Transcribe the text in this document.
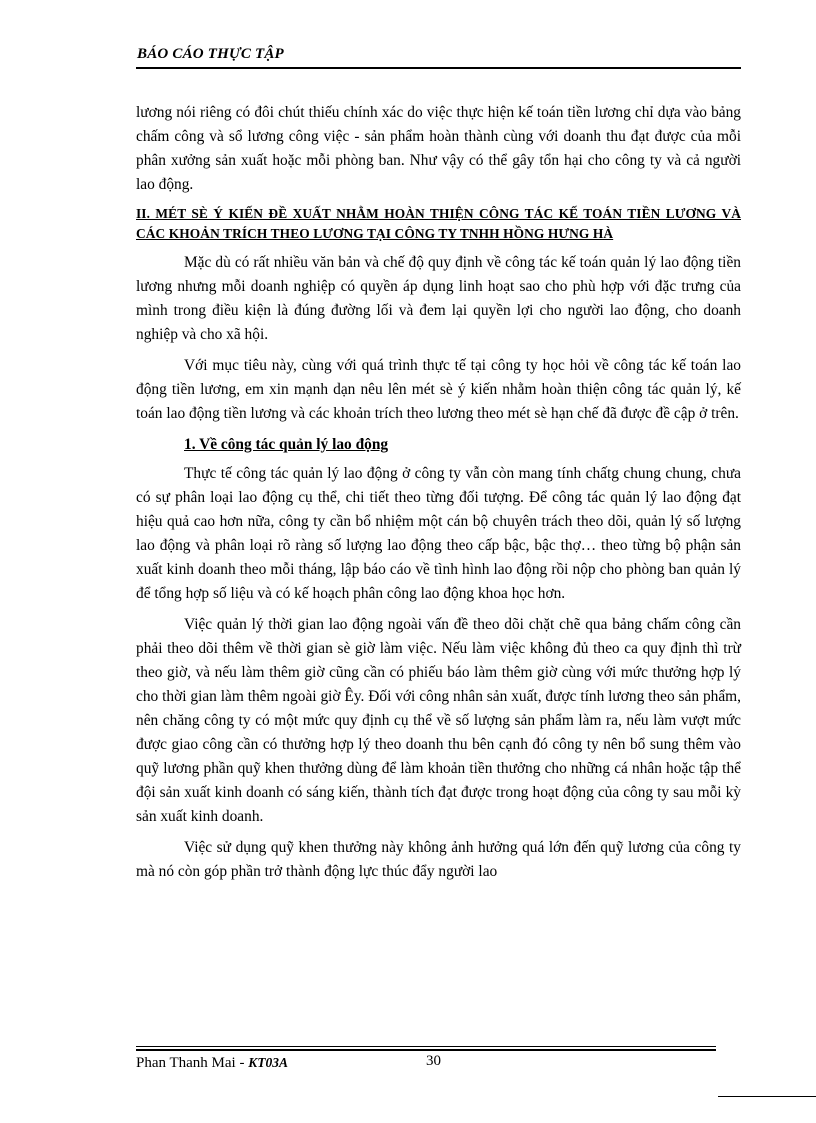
BÁO CÁO THỰC TẬP

lương nói riêng có đôi chút thiếu chính xác do việc thực hiện kế toán tiền lương chỉ dựa vào bảng chấm công và sổ lương công việc - sản phẩm hoàn thành cùng với doanh thu đạt được của mỗi phân xưởng sản xuất hoặc mỗi phòng ban. Như vậy có thể gây tổn hại cho công ty và cả người lao động.

II. MÉT SÈ Ý KIẾN ĐỀ XUẤT NHẰM HOÀN THIỆN CÔNG TÁC KẾ TOÁN TIỀN LƯƠNG VÀ CÁC KHOẢN TRÍCH THEO LƯƠNG TẠI CÔNG TY TNHH HỒNG HƯNG HÀ

Mặc dù có rất nhiều văn bản và chế độ quy định về công tác kế toán quản lý lao động tiền lương nhưng mỗi doanh nghiệp có quyền áp dụng linh hoạt sao cho phù hợp với đặc trưng của mình trong điều kiện là đúng đường lối và đem lại quyền lợi cho người lao động, cho doanh nghiệp và cho xã hội.

Với mục tiêu này, cùng với quá trình thực tế tại công ty học hỏi về công tác kế toán lao động tiền lương, em xin mạnh dạn nêu lên mét sè ý kiến nhằm hoàn thiện công tác quản lý, kế toán lao động tiền lương và các khoản trích theo lương theo mét sè hạn chế đã được đề cập ở trên.

1. Về công tác quản lý lao động

Thực tế công tác quản lý lao động ở công ty vẫn còn mang tính chấtg chung chung, chưa có sự phân loại lao động cụ thể, chi tiết theo từng đối tượng. Để công tác quản lý lao động đạt hiệu quả cao hơn nữa, công ty cần bổ nhiệm một cán bộ chuyên trách theo dõi, quản lý số lượng lao động và phân loại rõ ràng số lượng lao động theo cấp bậc, bậc thợ… theo từng bộ phận sản xuất kinh doanh theo mỗi tháng, lập báo cáo về tình hình lao động rồi nộp cho phòng ban quản lý để tổng hợp số liệu và có kế hoạch phân công lao động khoa học hơn.

Việc quản lý thời gian lao động ngoài vấn đề theo dõi chặt chẽ qua bảng chấm công cần phải theo dõi thêm về thời gian sè giờ làm việc. Nếu làm việc không đủ theo ca quy định thì trừ theo giờ, và nếu làm thêm giờ cũng cần có phiếu báo làm thêm giờ cùng với mức thưởng hợp lý cho thời gian làm thêm ngoài giờ Êy. Đối với công nhân sản xuất, được tính lương theo sản phẩm, nên chăng công ty có một mức quy định cụ thể về số lượng sản phẩm làm ra, nếu làm vượt mức được giao công cần có thưởng hợp lý theo doanh thu bên cạnh đó công ty nên bổ sung thêm vào quỹ lương phần quỹ khen thưởng dùng để làm khoản tiền thưởng cho những cá nhân hoặc tập thể đội sản xuất kinh doanh có sáng kiến, thành tích đạt được trong hoạt động của công ty sau mỗi kỳ sản xuất kinh doanh.

Việc sử dụng quỹ khen thưởng này không ảnh hưởng quá lớn đến quỹ lương của công ty mà nó còn góp phần trở thành động lực thúc đẩy người lao

Phan Thanh Mai - KT03A	30
